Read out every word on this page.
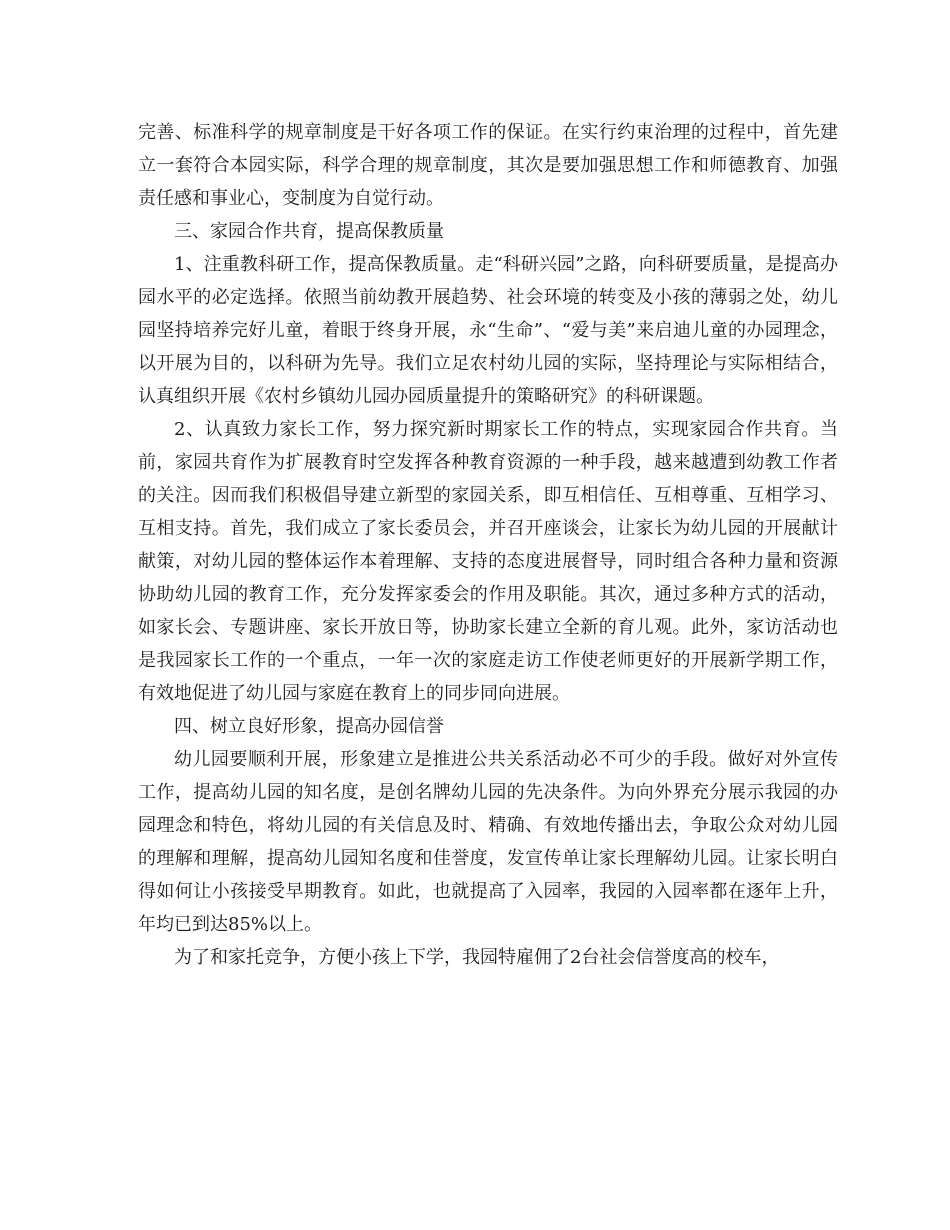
完善、标准科学的规章制度是干好各项工作的保证。在实行约束治理的过程中，首先建立一套符合本园实际，科学合理的规章制度，其次是要加强思想工作和师德教育、加强责任感和事业心，变制度为自觉行动。

三、家园合作共育，提高保教质量

1、注重教科研工作，提高保教质量。走“科研兴园”之路，向科研要质量，是提高办园水平的必定选择。依照当前幼教开展趋势、社会环境的转变及小孩的薄弱之处，幼儿园坚持培养完好儿童，着眼于终身开展，永“生命”、“爱与美”来启迪儿童的办园理念，以开展为目的，以科研为先导。我们立足农村幼儿园的实际，坚持理论与实际相结合，认真组织开展《农村乡镇幼儿园办园质量提升的策略研究》的科研课题。

2、认真致力家长工作，努力探究新时期家长工作的特点，实现家园合作共育。当前，家园共育作为扩展教育时空发挥各种教育资源的一种手段，越来越遭到幼教工作者的关注。因而我们积极倡导建立新型的家园关系，即互相信任、互相尊重、互相学习、互相支持。首先，我们成立了家长委员会，并召开座谈会，让家长为幼儿园的开展献计献策，对幼儿园的整体运作本着理解、支持的态度进展督导，同时组合各种力量和资源协助幼儿园的教育工作，充分发挥家委会的作用及职能。其次，通过多种方式的活动，如家长会、专题讲座、家长开放日等，协助家长建立全新的育儿观。此外，家访活动也是我园家长工作的一个重点，一年一次的家庭走访工作使老师更好的开展新学期工作，有效地促进了幼儿园与家庭在教育上的同步同向进展。

四、树立良好形象，提高办园信誉

幼儿园要顺利开展，形象建立是推进公共关系活动必不可少的手段。做好对外宣传工作，提高幼儿园的知名度，是创名牌幼儿园的先决条件。为向外界充分展示我园的办园理念和特色，将幼儿园的有关信息及时、精确、有效地传播出去，争取公众对幼儿园的理解和理解，提高幼儿园知名度和佳誉度，发宣传单让家长理解幼儿园。让家长明白得如何让小孩接受早期教育。如此，也就提高了入园率，我园的入园率都在逐年上升，年均已到达85%以上。

为了和家托竞争，方便小孩上下学，我园特雇佣了2台社会信誉度高的校车，
